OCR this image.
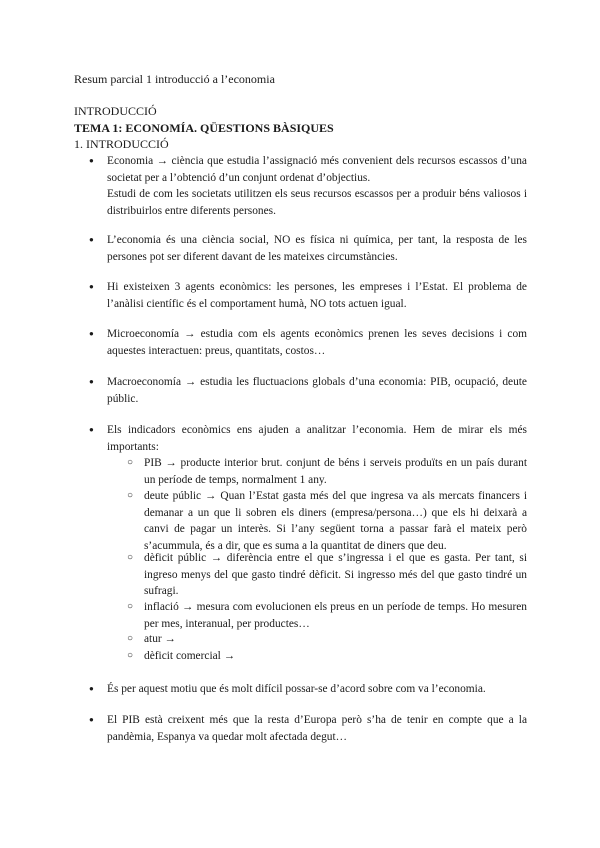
Resum parcial 1 introducció a l’economia
INTRODUCCIÓ
TEMA 1: ECONOMÍA. QÜESTIONS BÀSIQUES
1. INTRODUCCIÓ

● Economia → ciència que estudia l’assignació més convenient dels recursos escassos d’una societat per a l’obtenció d’un conjunt ordenat d’objectius.

Estudi de com les societats utilitzen els seus recursos escassos per a produir béns valiosos i distribuirlos entre diferents persones.

● L’economia és una ciència social, NO es física ni química, per tant, la resposta de les persones pot ser diferent davant de les mateixes circumstàncies.

● Hi existeixen 3 agents econòmics: les persones, les empreses i l’Estat. El problema de l’anàlisi científic és el comportament humà, NO tots actuen igual.

● Microeconomía → estudia com els agents econòmics prenen les seves decisions i com aquestes interactuen: preus, quantitats, costos…

● Macroeconomía → estudia les fluctuacions globals d’una economia: PIB, ocupació, deute públic.

● Els indicadors econòmics ens ajuden a analitzar l’economia. Hem de mirar els més importants:

○ PIB → producte interior brut. conjunt de béns i serveis produïts en un país durant un període de temps, normalment 1 any.

○ deute públic → Quan l’Estat gasta més del que ingresa va als mercats financers i demanar a un que li sobren els diners (empresa/persona…) que els hi deixarà a canvi de pagar un interès. Si l’any següent torna a passar farà el mateix però s’acummula, és a dir, que es suma a la quantitat de diners que deu.

○ dèficit públic → diferència entre el que s’ingressa i el que es gasta. Per tant, si ingreso menys del que gasto tindré dèficit. Si ingresso més del que gasto tindré un sufragi.

○ inflació → mesura com evolucionen els preus en un període de temps. Ho mesuren per mes, interanual, per productes…

○ atur →

○ dèficit comercial →

● És per aquest motiu que és molt difícil possar-se d’acord sobre com va l’economia.

● El PIB està creixent més que la resta d’Europa però s’ha de tenir en compte que a la pandèmia, Espanya va quedar molt afectada degut…
